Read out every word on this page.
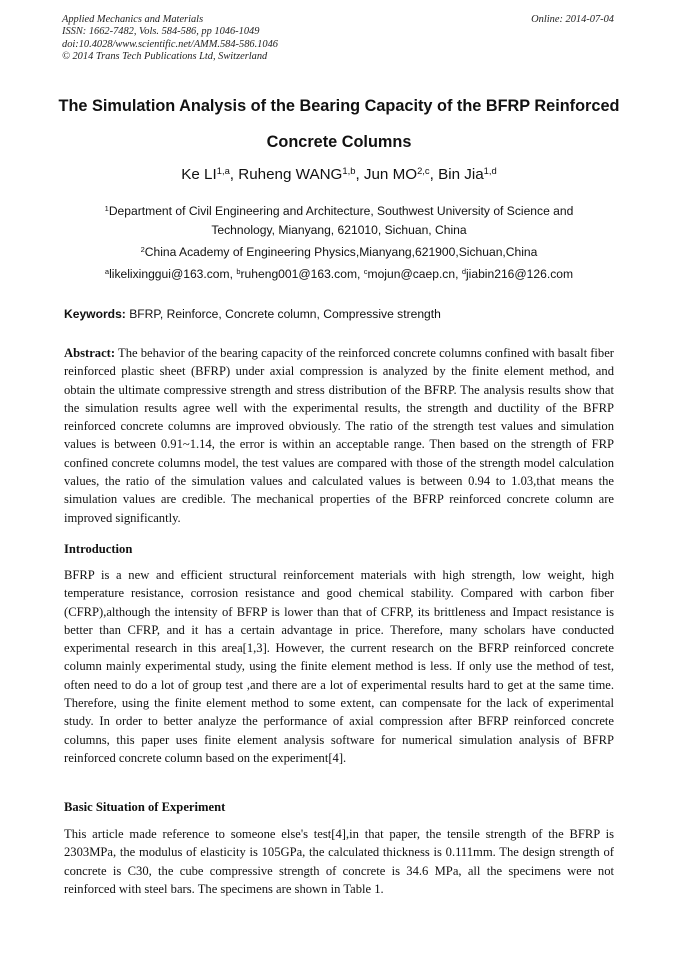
Applied Mechanics and Materials
ISSN: 1662-7482, Vols. 584-586, pp 1046-1049
doi:10.4028/www.scientific.net/AMM.584-586.1046
© 2014 Trans Tech Publications Ltd, Switzerland
Online: 2014-07-04
The Simulation Analysis of the Bearing Capacity of the BFRP Reinforced
Concrete Columns
Ke LI$^{1,a}$, Ruheng WANG$^{1,b}$, Jun MO$^{2,c}$, Bin Jia$^{1,d}$
$^1$Department of Civil Engineering and Architecture, Southwest University of Science and
Technology, Mianyang, 621010, Sichuan, China
$^2$China Academy of Engineering Physics,Mianyang,621900,Sichuan,China
$^a$likelixinggui@163.com, $^b$ruheng001@163.com, $^c$mojun@caep.cn, $^d$jiabin216@126.com
Keywords: BFRP, Reinforce, Concrete column, Compressive strength
Abstract: The behavior of the bearing capacity of the reinforced concrete columns confined with basalt fiber reinforced plastic sheet (BFRP) under axial compression is analyzed by the finite element method, and obtain the ultimate compressive strength and stress distribution of the BFRP. The analysis results show that the simulation results agree well with the experimental results, the strength and ductility of the BFRP reinforced concrete columns are improved obviously. The ratio of the strength test values and simulation values is between 0.91~1.14, the error is within an acceptable range. Then based on the strength of FRP confined concrete columns model, the test values are compared with those of the strength model calculation values, the ratio of the simulation values and calculated values is between 0.94 to 1.03,that means the simulation values are credible. The mechanical properties of the BFRP reinforced concrete column are improved significantly.
Introduction
BFRP is a new and efficient structural reinforcement materials with high strength, low weight, high temperature resistance, corrosion resistance and good chemical stability. Compared with carbon fiber (CFRP),although the intensity of BFRP is lower than that of CFRP, its brittleness and Impact resistance is better than CFRP, and it has a certain advantage in price. Therefore, many scholars have conducted experimental research in this area[1,3]. However, the current research on the BFRP reinforced concrete column mainly experimental study, using the finite element method is less. If only use the method of test, often need to do a lot of group test ,and there are a lot of experimental results hard to get at the same time. Therefore, using the finite element method to some extent, can compensate for the lack of experimental study. In order to better analyze the performance of axial compression after BFRP reinforced concrete columns, this paper uses finite element analysis software for numerical simulation analysis of BFRP reinforced concrete column based on the experiment[4].
Basic Situation of Experiment
This article made reference to someone else's test[4],in that paper, the tensile strength of the BFRP is 2303MPa, the modulus of elasticity is 105GPa, the calculated thickness is 0.111mm. The design strength of concrete is C30, the cube compressive strength of concrete is 34.6 MPa, all the specimens were not reinforced with steel bars. The specimens are shown in Table 1.
